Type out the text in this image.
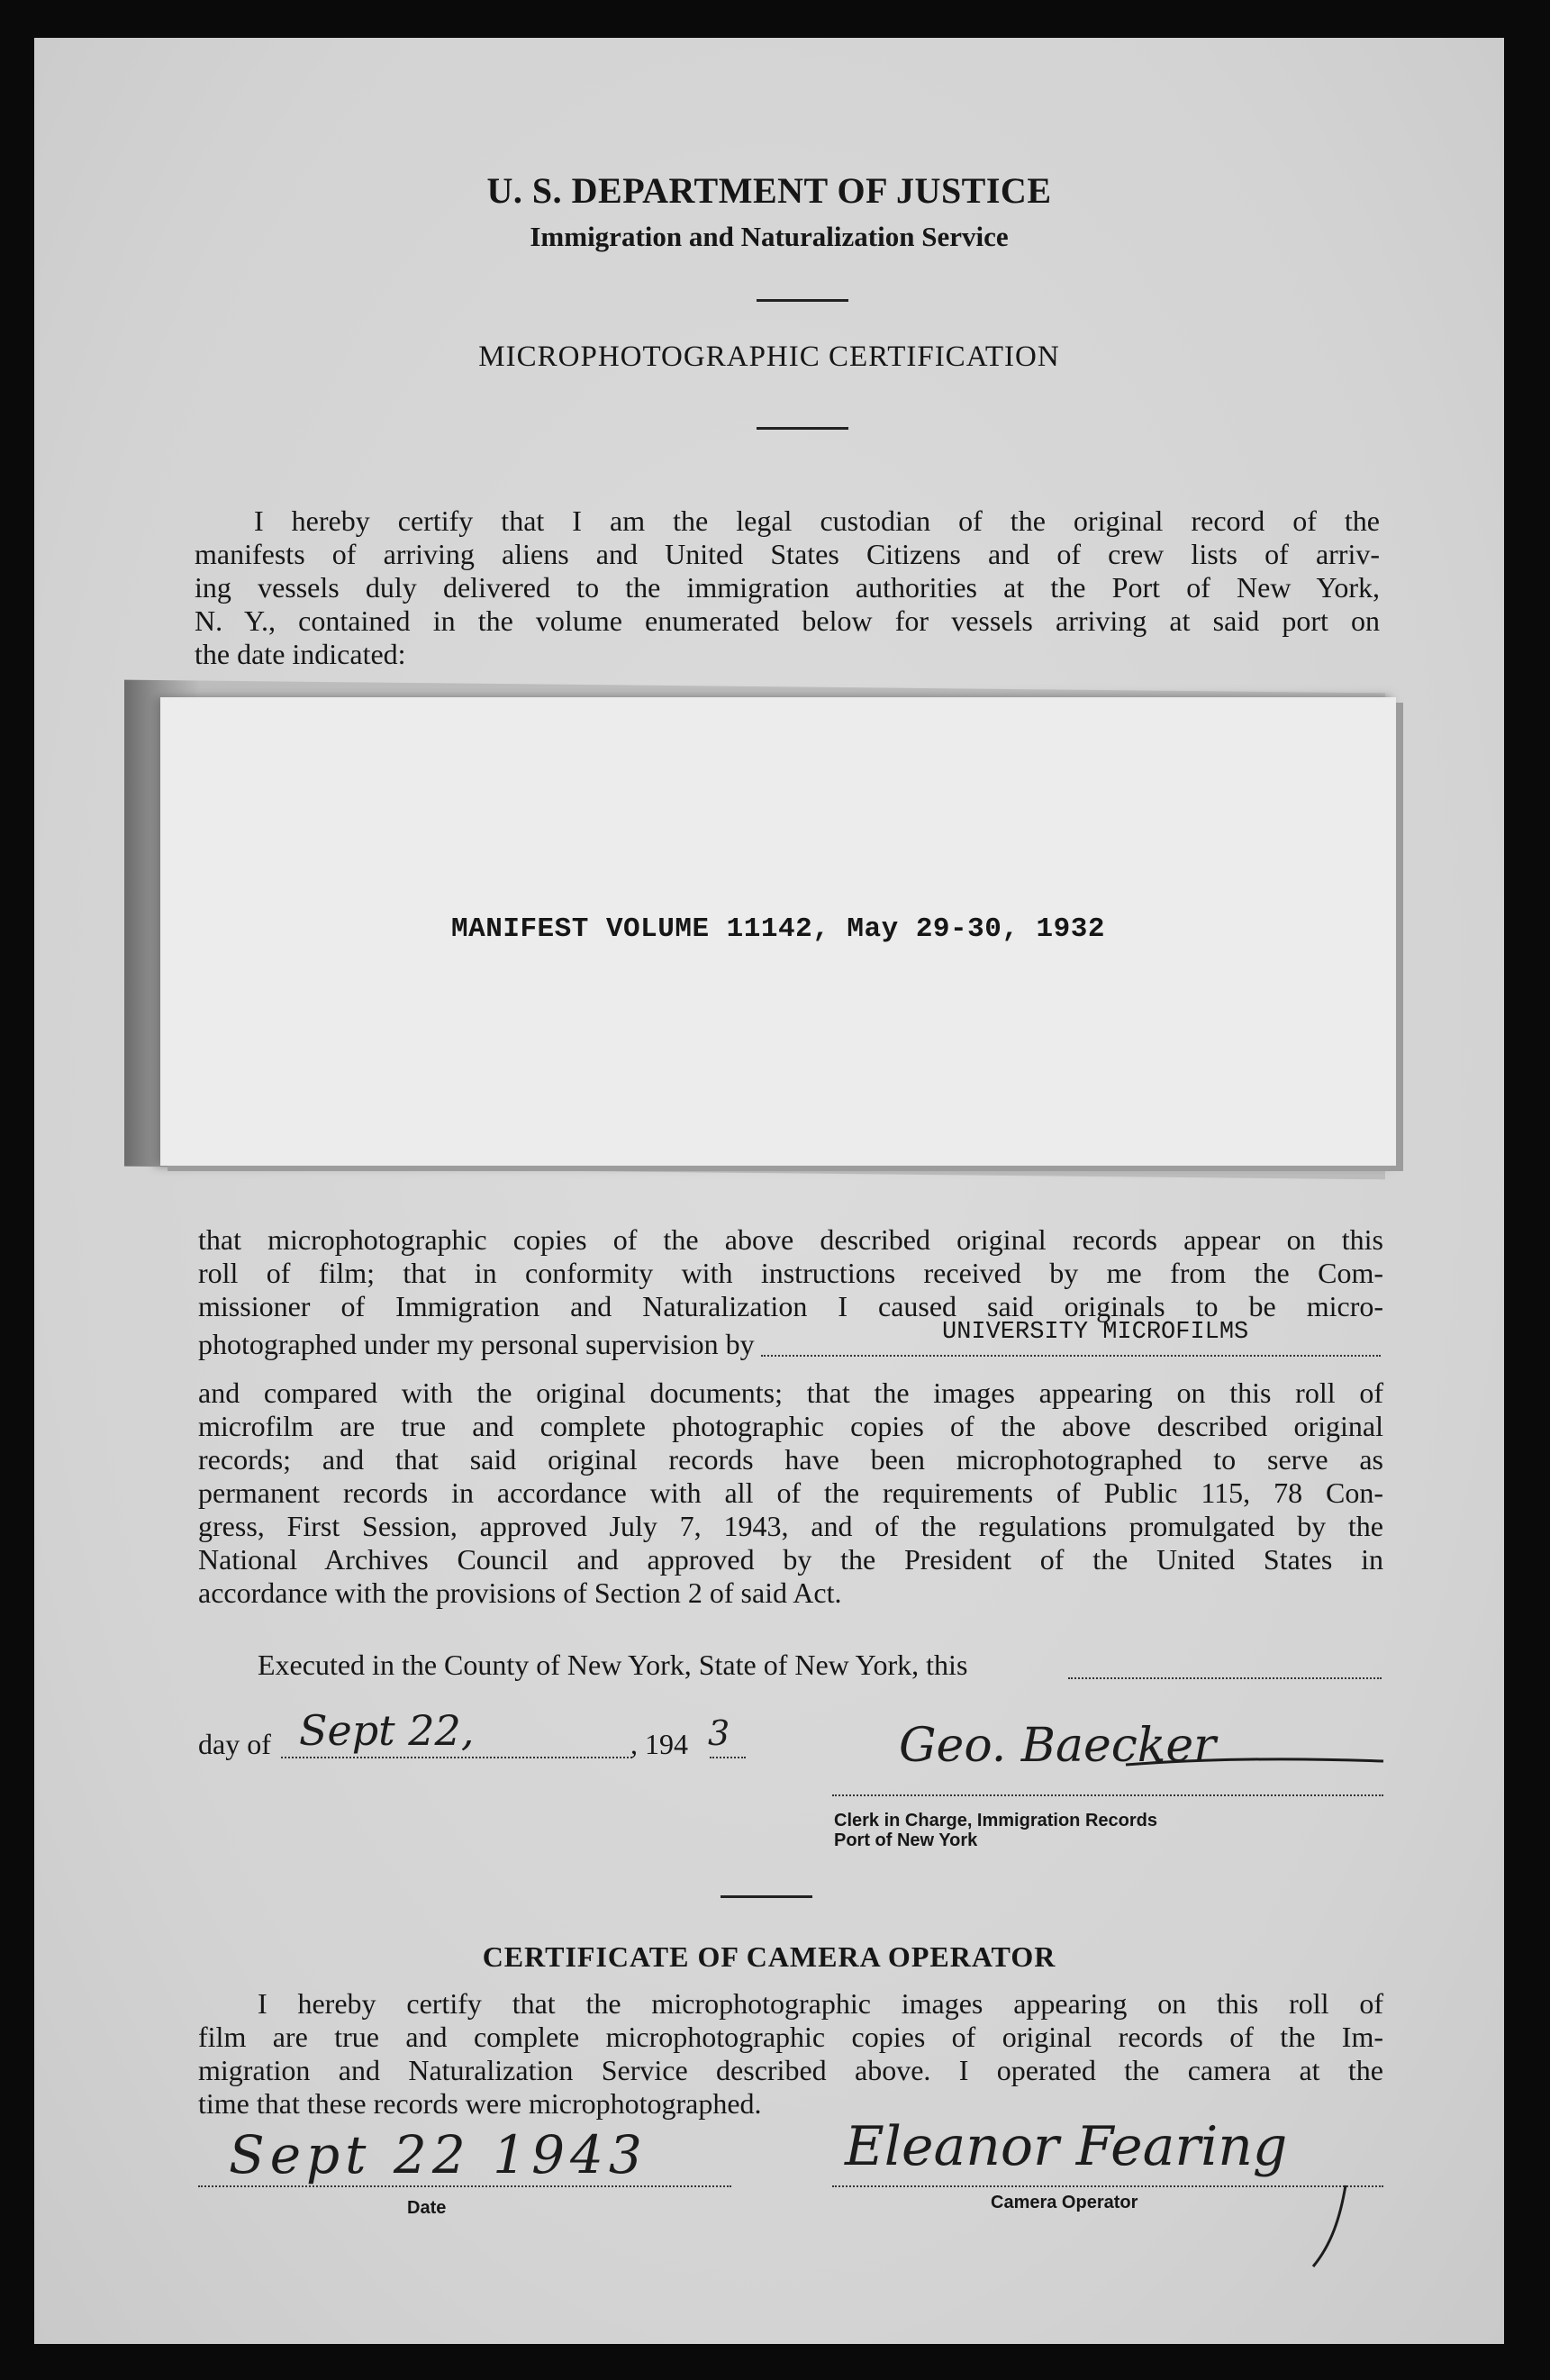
U. S. DEPARTMENT OF JUSTICE
Immigration and Naturalization Service
MICROPHOTOGRAPHIC CERTIFICATION
I hereby certify that I am the legal custodian of the original record of the
manifests of arriving aliens and United States Citizens and of crew lists of arriv-
ing vessels duly delivered to the immigration authorities at the Port of New York,
N. Y., contained in the volume enumerated below for vessels arriving at said port on
the date indicated:
MANIFEST VOLUME 11142, May 29-30, 1932
that microphotographic copies of the above described original records appear on this
roll of film; that in conformity with instructions received by me from the Com-
missioner of Immigration and Naturalization I caused said originals to be micro-
photographed under my personal supervision by	UNIVERSITY MICROFILMS
and compared with the original documents; that the images appearing on this roll of
microfilm are true and complete photographic copies of the above described original
records; and that said original records have been microphotographed to serve as
permanent records in accordance with all of the requirements of Public 115, 78 Con-
gress, First Session, approved July 7, 1943, and of the regulations promulgated by the
National Archives Council and approved by the President of the United States in
accordance with the provisions of Section 2 of said Act.
Executed in the County of New York, State of New York, this
day of Sept 22,	, 194 3	Geo. Baecker
Clerk in Charge, Immigration Records
Port of New York
CERTIFICATE OF CAMERA OPERATOR
I hereby certify that the microphotographic images appearing on this roll of
film are true and complete microphotographic copies of original records of the Im-
migration and Naturalization Service described above. I operated the camera at the
time that these records were microphotographed.
Sept 22 1943
Date
Eleanor Fearing
Camera Operator
